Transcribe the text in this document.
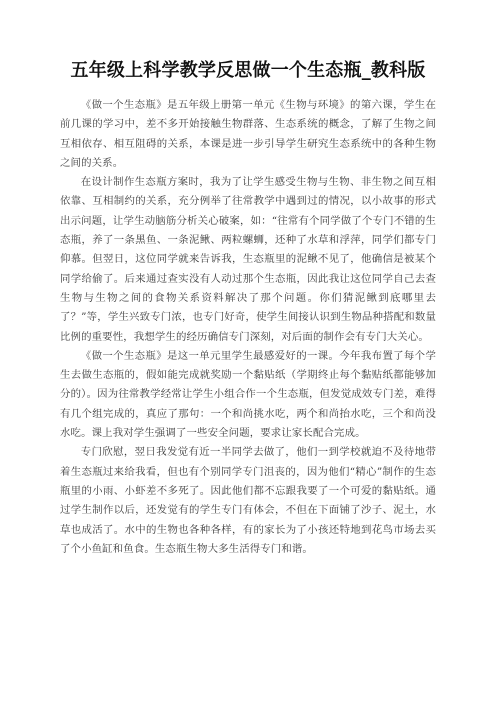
五年级上科学教学反思做一个生态瓶_教科版

《做一个生态瓶》是五年级上册第一单元《生物与环境》的第六课，学生在前几课的学习中，差不多开始接触生物群落、生态系统的概念，了解了生物之间互相依存、相互阻碍的关系，本课是进一步引导学生研究生态系统中的各种生物之间的关系。

在设计制作生态瓶方案时，我为了让学生感受生物与生物、非生物之间互相依靠、互相制约的关系，充分例举了往常教学中遇到过的情况，以小故事的形式出示问题，让学生动脑筋分析关心破案，如：“往常有个同学做了个专门不错的生态瓶，养了一条黑鱼、一条泥鳅、两粒螺蛳，还种了水草和浮萍，同学们都专门仰慕。但翌日，这位同学就来告诉我，生态瓶里的泥鳅不见了，他确信是被某个同学给偷了。后来通过查实没有人动过那个生态瓶，因此我让这位同学自己去查生物与生物之间的食物关系资料解决了那个问题。你们猜泥鳅到底哪里去了？”等，学生兴致专门浓，也专门好奇，使学生间接认识到生物品种搭配和数量比例的重要性，我想学生的经历确信专门深刻，对后面的制作会有专门大关心。

《做一个生态瓶》是这一单元里学生最感爱好的一课。今年我布置了每个学生去做生态瓶的，假如能完成就奖励一个黏贴纸（学期终止每个黏贴纸都能够加分的）。因为往常教学经常让学生小组合作一个生态瓶，但发觉成效专门差，难得有几个组完成的，真应了那句：一个和尚挑水吃，两个和尚抬水吃，三个和尚没水吃。课上我对学生强调了一些安全问题，要求让家长配合完成。

专门欣慰，翌日我发觉有近一半同学去做了，他们一到学校就迫不及待地带着生态瓶过来给我看，但也有个别同学专门沮丧的，因为他们“精心”制作的生态瓶里的小雨、小虾差不多死了。因此他们都不忘跟我要了一个可爱的黏贴纸。通过学生制作以后，还发觉有的学生专门有体会，不但在下面铺了沙子、泥土，水草也成活了。水中的生物也各种各样，有的家长为了小孩还特地到花鸟市场去买了个小鱼缸和鱼食。生态瓶生物大多生活得专门和谐。
